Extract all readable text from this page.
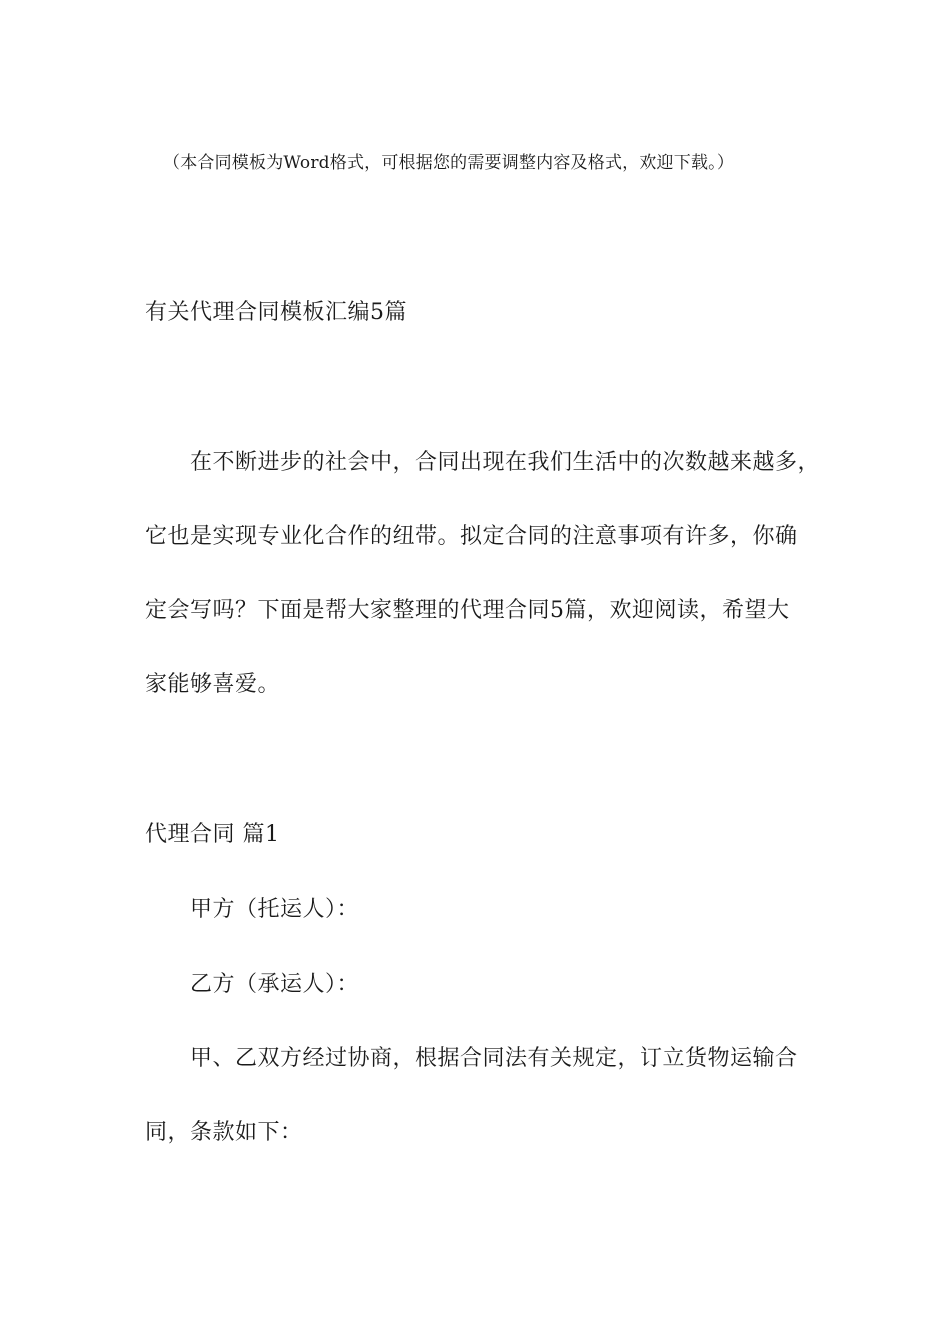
（本合同模板为Word格式，可根据您的需要调整内容及格式，欢迎下载。）
有关代理合同模板汇编5篇
在不断进步的社会中，合同出现在我们生活中的次数越来越多，
它也是实现专业化合作的纽带。拟定合同的注意事项有许多，你确
定会写吗？下面是帮大家整理的代理合同5篇，欢迎阅读，希望大
家能够喜爱。
代理合同 篇1
甲方（托运人）：
乙方（承运人）：
甲、乙双方经过协商，根据合同法有关规定，订立货物运输合
同，条款如下：
